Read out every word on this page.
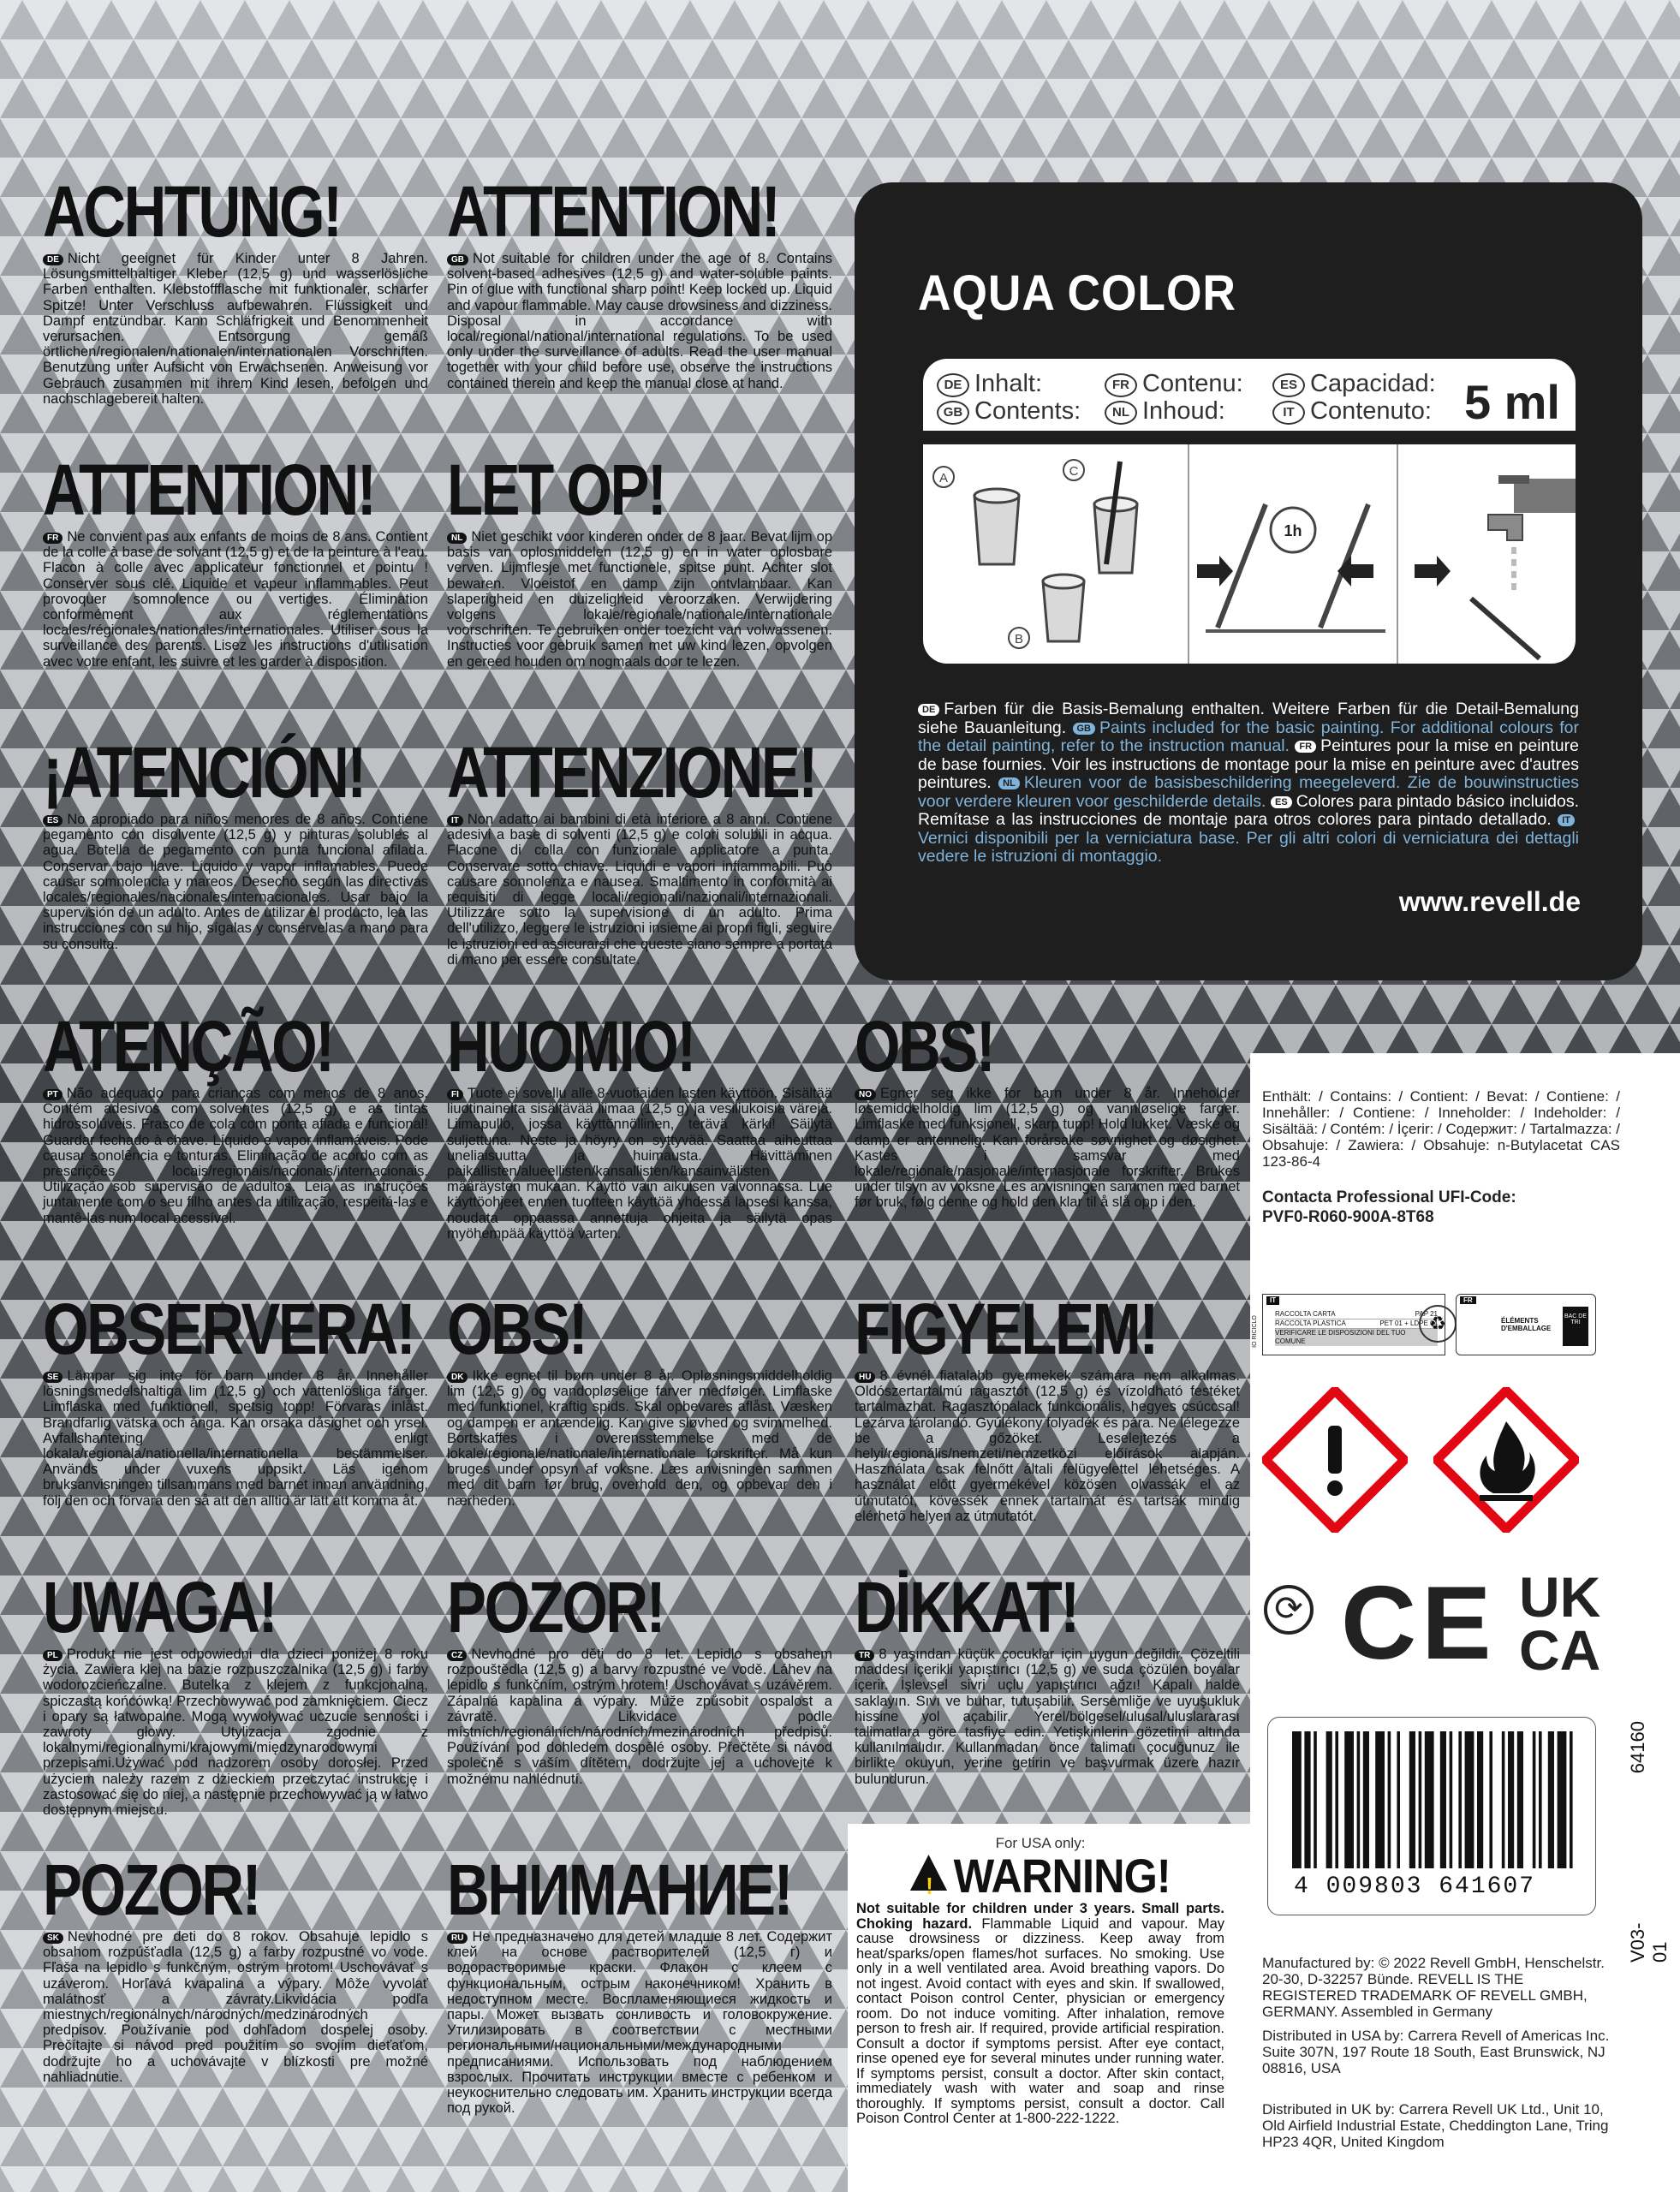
ACHTUNG!

DE Nicht geeignet für Kinder unter 8 Jahren. Lösungsmittelhaltiger Kleber (12,5 g) und wasserlösliche Farben enthalten. Klebstoffflasche mit funktionaler, scharfer Spitze! Unter Verschluss aufbewahren. Flüssigkeit und Dampf entzündbar. Kann Schläfrigkeit und Benommenheit verursachen. Entsorgung gemäß örtlichen/regionalen/nationalen/internationalen Vorschriften. Benutzung unter Aufsicht von Erwachsenen. Anweisung vor Gebrauch zusammen mit ihrem Kind lesen, befolgen und nachschlagebereit halten.

ATTENTION!

GB Not suitable for children under the age of 8. Contains solvent-based adhesives (12,5 g) and water-soluble paints. Pin of glue with functional sharp point! Keep locked up. Liquid and vapour flammable. May cause drowsiness and dizziness. Disposal in accordance with local/regional/national/international regulations. To be used only under the surveillance of adults. Read the user manual together with your child before use, observe the instructions contained therein and keep the manual close at hand.

ATTENTION!

FR Ne convient pas aux enfants de moins de 8 ans. Contient de la colle à base de solvant (12,5 g) et de la peinture à l'eau. Flacon à colle avec applicateur fonctionnel et pointu ! Conserver sous clé. Liquide et vapeur inflammables. Peut provoquer somnolence ou vertiges. Élimination conformément aux réglementations locales/régionales/nationales/internationales. Utiliser sous la surveillance des parents. Lisez les instructions d'utilisation avec votre enfant, les suivre et les garder à disposition.

LET OP!

NL Niet geschikt voor kinderen onder de 8 jaar. Bevat lijm op basis van oplosmiddelen (12,5 g) en in water oplosbare verven. Lijmflesje met functionele, spitse punt. Achter slot bewaren. Vloeistof en damp zijn ontvlambaar. Kan slaperigheid en duizeligheid veroorzaken. Verwijdering volgens lokale/regionale/nationale/internationale voorschriften. Te gebruiken onder toezicht van volwassenen. Instructies voor gebruik samen met uw kind lezen, opvolgen en gereed houden om nogmaals door te lezen.

¡ATENCIÓN!

ES No apropiado para niños menores de 8 años. Contiene pegamento con disolvente (12,5 g) y pinturas solubles al agua. Botella de pegamento con punta funcional afilada. Conservar bajo llave. Líquido y vapor inflamables. Puede causar somnolencia y mareos. Desecho según las directivas locales/regionales/nacionales/internacionales. Usar bajo la supervisión de un adulto. Antes de utilizar el producto, lea las instrucciones con su hijo, sígalas y consérvelas a mano para su consulta.

ATTENZIONE!

IT Non adatto ai bambini di età inferiore a 8 anni. Contiene adesivi a base di solventi (12,5 g) e colori solubili in acqua. Flacone di colla con funzionale applicatore a punta. Conservare sotto chiave. Liquidi e vapori infiammabili. Può causare sonnolenza e nausea. Smaltimento in conformità ai requisiti di legge locali/regionali/nazionali/internazionali. Utilizzare sotto la supervisione di un adulto. Prima dell'utilizzo, leggere le istruzioni insieme ai propri figli, seguire le istruzioni ed assicurarsi che queste siano sempre a portata di mano per essere consultate.

ATENÇÃO!

PT Não adequado para crianças com menos de 8 anos. Contém adesivos com solventes (12,5 g) e as tintas hidrossolúveis. Frasco de cola com ponta afiada e funcional! Guardar fechado à chave. Líquido e vapor inflamáveis. Pode causar sonolência e tonturas. Eliminação de acordo com as prescrições locais/regionais/nacionais/internacionais. Utilização sob supervisão de adultos. Leia as instruções juntamente com o seu filho antes da utilização, respeitá-las e mantê-las num local acessível.

HUOMIO!

FI Tuote ei sovellu alle 8-vuotiaiden lasten käyttöön. Sisältää liuotinaineita sisältävää liimaa (12,5 g) ja vesiliukoisia värejä. Liimapullo, jossa käyttönnöllinen, terävä kärki! Säilytä suljettuna. Neste ja höyry on syttyvää. Saattaa aiheuttaa uneliaisuutta ja huimausta. Hävittäminen paikallisten/alueellisten/kansallisten/kansainvälisten määräysten mukaan. Käyttö vain aikuisen valvonnassa. Lue käyttöohjeet ennen tuotteen käyttöä yhdessä lapsesi kanssa, noudata oppaassa annettuja ohjeita ja säilytä opas myöhempää käyttöä varten.

OBS!

NO Egner seg ikke for barn under 8 år. Inneholder løsemiddelholdig lim (12,5 g) og vannløselige farger. Limflaske med funksjonell, skarp tupp! Hold lukket. Væske og damp er antennelig. Kan forårsake søvnighet og døsighet. Kastes i samsvar med lokale/regionale/nasjonale/internasjonale forskrifter. Brukes under tilsyn av voksne. Les anvisningen sammen med barnet før bruk, følg denne og hold den klar til å slå opp i den.

OBSERVERA!

SE Lämpar sig inte för barn under 8 år. Innehåller lösningsmedelshaltiga lim (12,5 g) och vattenlösliga färger. Limflaska med funktionell, spetsig topp! Förvaras inlåst. Brandfarlig vätska och ånga. Kan orsaka dåsighet och yrsel. Avfallshantering enligt lokala/regionala/nationella/internationella bestämmelser. Används under vuxens uppsikt. Läs igenom bruksanvisningen tillsammans med barnet innan användning, följ den och förvara den så att den alltid är lätt att komma åt.

OBS!

DK Ikke egnet til børn under 8 år. Opløsningsmiddelholdig lim (12,5 g) og vandopløselige farver medfølger. Limflaske med funktionel, kraftig spids. Skal opbevares aflåst. Væsken og dampen er antændelig. Kan give sløvhed og svimmelhed. Bortskaffes i overensstemmelse med de lokale/regionale/nationale/internationale forskrifter. Må kun bruges under opsyn af voksne. Læs anvisningen sammen med dit barn før brug, overhold den, og opbevar den i nærheden.

FIGYELEM!

HU 8 évnél fiatalabb gyermekek számára nem alkalmas. Oldószertartalmú ragasztót (12,5 g) és vízoldható festéket tartalmazhat. Ragasztópalack funkcionális, hegyes csúccsal! Lezárva tárolandó. Gyúlékony folyadék és pára. Ne lélegezze be a gőzöket. Leselejtezés a helyi/regionális/nemzeti/nemzetközi előírások alapján. Használata csak felnőtt általi felügyelettel lehetséges. A használat előtt gyermekével közösen olvassák el az útmutatót, kövessék ennek tartalmát és tartsák mindig elérhető helyen az útmutatót.

UWAGA!

PL Produkt nie jest odpowiedni dla dzieci poniżej 8 roku życia. Zawiera klej na bazie rozpuszczalnika (12,5 g) i farby wodorozcieńczalne. Butelka z klejem z funkcjonalną, spiczastą końcówką! Przechowywać pod zamknięciem. Ciecz i opary są łatwopalne. Mogą wywoływać uczucie senności i zawroty głowy. Utylizacja zgodnie z lokalnymi/regionalnymi/krajowymi/międzynarodowymi przepisami.Używać pod nadzorem osoby dorosłej. Przed użyciem należy razem z dzieckiem przeczytać instrukcję i zastosować się do niej, a następnie przechowywać ją w łatwo dostępnym miejscu.

POZOR!

CZ Nevhodné pro děti do 8 let. Lepidlo s obsahem rozpouštědla (12,5 g) a barvy rozpustné ve vodě. Láhev na lepidlo s funkčním, ostrým hrotem! Uschovávat s uzávěrem. Zápalná kapalina a výpary. Může způsobit ospalost a závratě. Likvidace podle místních/regionálních/národních/mezinárodních předpisů. Používání pod dohledem dospělé osoby. Přečtěte si návod společně s vaším dítětem, dodržujte jej a uchovejte k možnému nahlédnutí.

DİKKAT!

TR 8 yaşından küçük çocuklar için uygun değildir. Çözeltili maddesi içerikli yapıştırıcı (12,5 g) ve suda çözülen boyalar içerir. İşlevsel sivri uçlu yapıştırıcı ağzı! Kapalı halde saklayın. Sıvı ve buhar, tutuşabilir. Sersemliğe ve uyuşukluk hissine yol açabilir. Yerel/bölgesel/ulusal/uluslararası talimatlara göre tasfiye edin. Yetişkinlerin gözetimi altında kullanılmalıdır. Kullanmadan önce talimatı çocuğunuz ile birlikte okuyun, yerine getirin ve başvurmak üzere hazır bulundurun.

POZOR!

SK Nevhodné pre deti do 8 rokov. Obsahuje lepidlo s obsahom rozpúšťadla (12,5 g) a farby rozpustné vo vode. Fľaša na lepidlo s funkčným, ostrým hrotom! Uschovávať s uzáverom. Horľavá kvapalina a výpary. Môže vyvolať malátnosť a závraty.Likvidácia podľa miestnych/regionálnych/národných/medzinárodných predpisov. Používanie pod dohľadom dospelej osoby. Prečítajte si návod pred použitím so svojím dieťaťom, dodržujte ho a uchovávajte v blízkosti pre možné nahliadnutie.

ВНИМАНИЕ!

RU Не предназначено для детей младше 8 лет. Содержит клей на основе растворителей (12,5 г) и водорастворимые краски. Флакон с клеем с функциональным, острым наконечником! Хранить в недоступном месте. Воспламеняющиеся жидкость и пары. Может вызвать сонливость и головокружение. Утилизировать в соответствии с местными региональными/национальными/международными предписаниями. Использовать под наблюдением взрослых. Прочитать инструкции вместе с ребенком и неукоснительно следовать им. Хранить инструкции всегда под рукой.

AQUA COLOR
DE Inhalt:
GB Contents:
FR Contenu:
NL Inhoud:
ES Capacidad:
IT Contenuto: 5 ml
A
B
C
1h
DE Farben für die Basis-Bemalung enthalten. Weitere Farben für die Detail-Bemalung siehe Bauanleitung. GB Paints included for the basic painting. For additional colours for the detail painting, refer to the instruction manual. FR Peintures pour la mise en peinture de base fournies. Voir les instructions de montage pour la mise en peinture avec d'autres peintures. NL Kleuren voor de basisbeschildering meegeleverd. Zie de bouwinstructies voor verdere kleuren voor geschilderde details. ES Colores para pintado básico incluidos. Remítase a las instrucciones de montaje para otros colores para pintado detallado. ITVernici disponibili per la verniciatura base. Per gli altri colori di verniciatura dei dettagli vedere le istruzioni di montaggio.
www.revell.de
Enthält: / Contains: / Contient: / Bevat: / Contiene: / Innehåller: / Contiene: / Inneholder: / Indeholder: / Sisältää: / Contém: / İçerir: / Содержит: / Tartalmazza: / Obsahuje: / Zawiera: / Obsahuje: n-Butylacetat CAS 123-86-4
Contacta Professional UFI-Code:
PVF0-R060-900A-8T68
IT
IO RICICLO
RACCOLTA CARTA	PAP 21
RACCOLTA PLASTICA	PET 01 + LDPE 04
VERIFICARE LE DISPOSIZIONI DEL TUO COMUNE
FR
♻	ÉLÉMENTS D'EMBALLAGE
BAC DE TRI
⟳ CE UK
CA
4 009803 641607
64160
V03-01
For USA only:
! WARNING!

Not suitable for children under 3 years. Small parts. Choking hazard. Flammable Liquid and vapour. May cause drowsiness or dizziness. Keep away from heat/sparks/open flames/hot surfaces. No smoking. Use only in a well ventilated area. Avoid breathing vapors. Do not ingest. Avoid contact with eyes and skin. If swallowed, contact Poison control Center, physician or emergency room. Do not induce vomiting. After inhalation, remove person to fresh air. If required, provide artificial respiration. Consult a doctor if symptoms persist. After eye contact, rinse opened eye for several minutes under running water. If symptoms persist, consult a doctor. After skin contact, immediately wash with water and soap and rinse thoroughly. If symptoms persist, consult a doctor. Call Poison Control Center at 1-800-222-1222.

Manufactured by: © 2022 Revell GmbH, Henschelstr. 20-30, D-32257 Bünde. REVELL IS THE REGISTERED TRADEMARK OF REVELL GMBH, GERMANY. Assembled in Germany
Distributed in USA by: Carrera Revell of Americas Inc. Suite 307N, 197 Route 18 South, East Brunswick, NJ 08816, USA
Distributed in UK by: Carrera Revell UK Ltd., Unit 10, Old Airfield Industrial Estate, Cheddington Lane, Tring HP23 4QR, United Kingdom
